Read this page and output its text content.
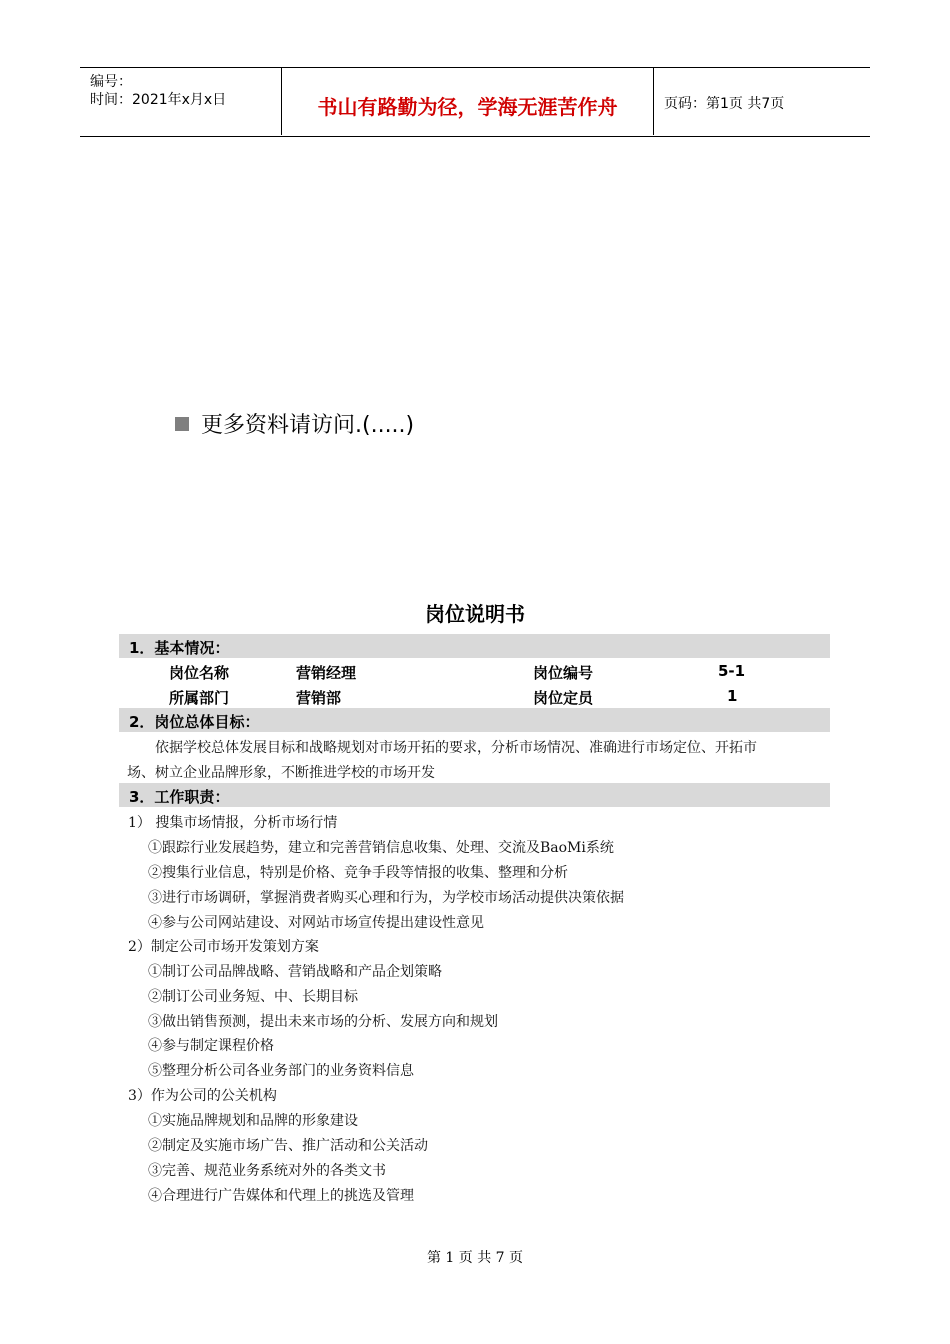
编号：
时间：2021年x月x日	书山有路勤为径，学海无涯苦作舟	页码：第1页 共7页
更多资料请访问.(.....)
岗位说明书
1．基本情况：
岗位名称	营销经理	岗位编号	5-1
所属部门	营销部	岗位定员	1
2．岗位总体目标：
依据学校总体发展目标和战略规划对市场开拓的要求，分析市场情况、准确进行市场定位、开拓市
场、树立企业品牌形象，不断推进学校的市场开发
3．工作职责：
1） 搜集市场情报，分析市场行情
①跟踪行业发展趋势，建立和完善营销信息收集、处理、交流及BaoMi系统
②搜集行业信息，特别是价格、竞争手段等情报的收集、整理和分析
③进行市场调研，掌握消费者购买心理和行为，为学校市场活动提供决策依据
④参与公司网站建设、对网站市场宣传提出建设性意见
2）制定公司市场开发策划方案
①制订公司品牌战略、营销战略和产品企划策略
②制订公司业务短、中、长期目标
③做出销售预测，提出未来市场的分析、发展方向和规划
④参与制定课程价格
⑤整理分析公司各业务部门的业务资料信息
3）作为公司的公关机构
①实施品牌规划和品牌的形象建设
②制定及实施市场广告、推广活动和公关活动
③完善、规范业务系统对外的各类文书
④合理进行广告媒体和代理上的挑选及管理
第 1 页 共 7 页
